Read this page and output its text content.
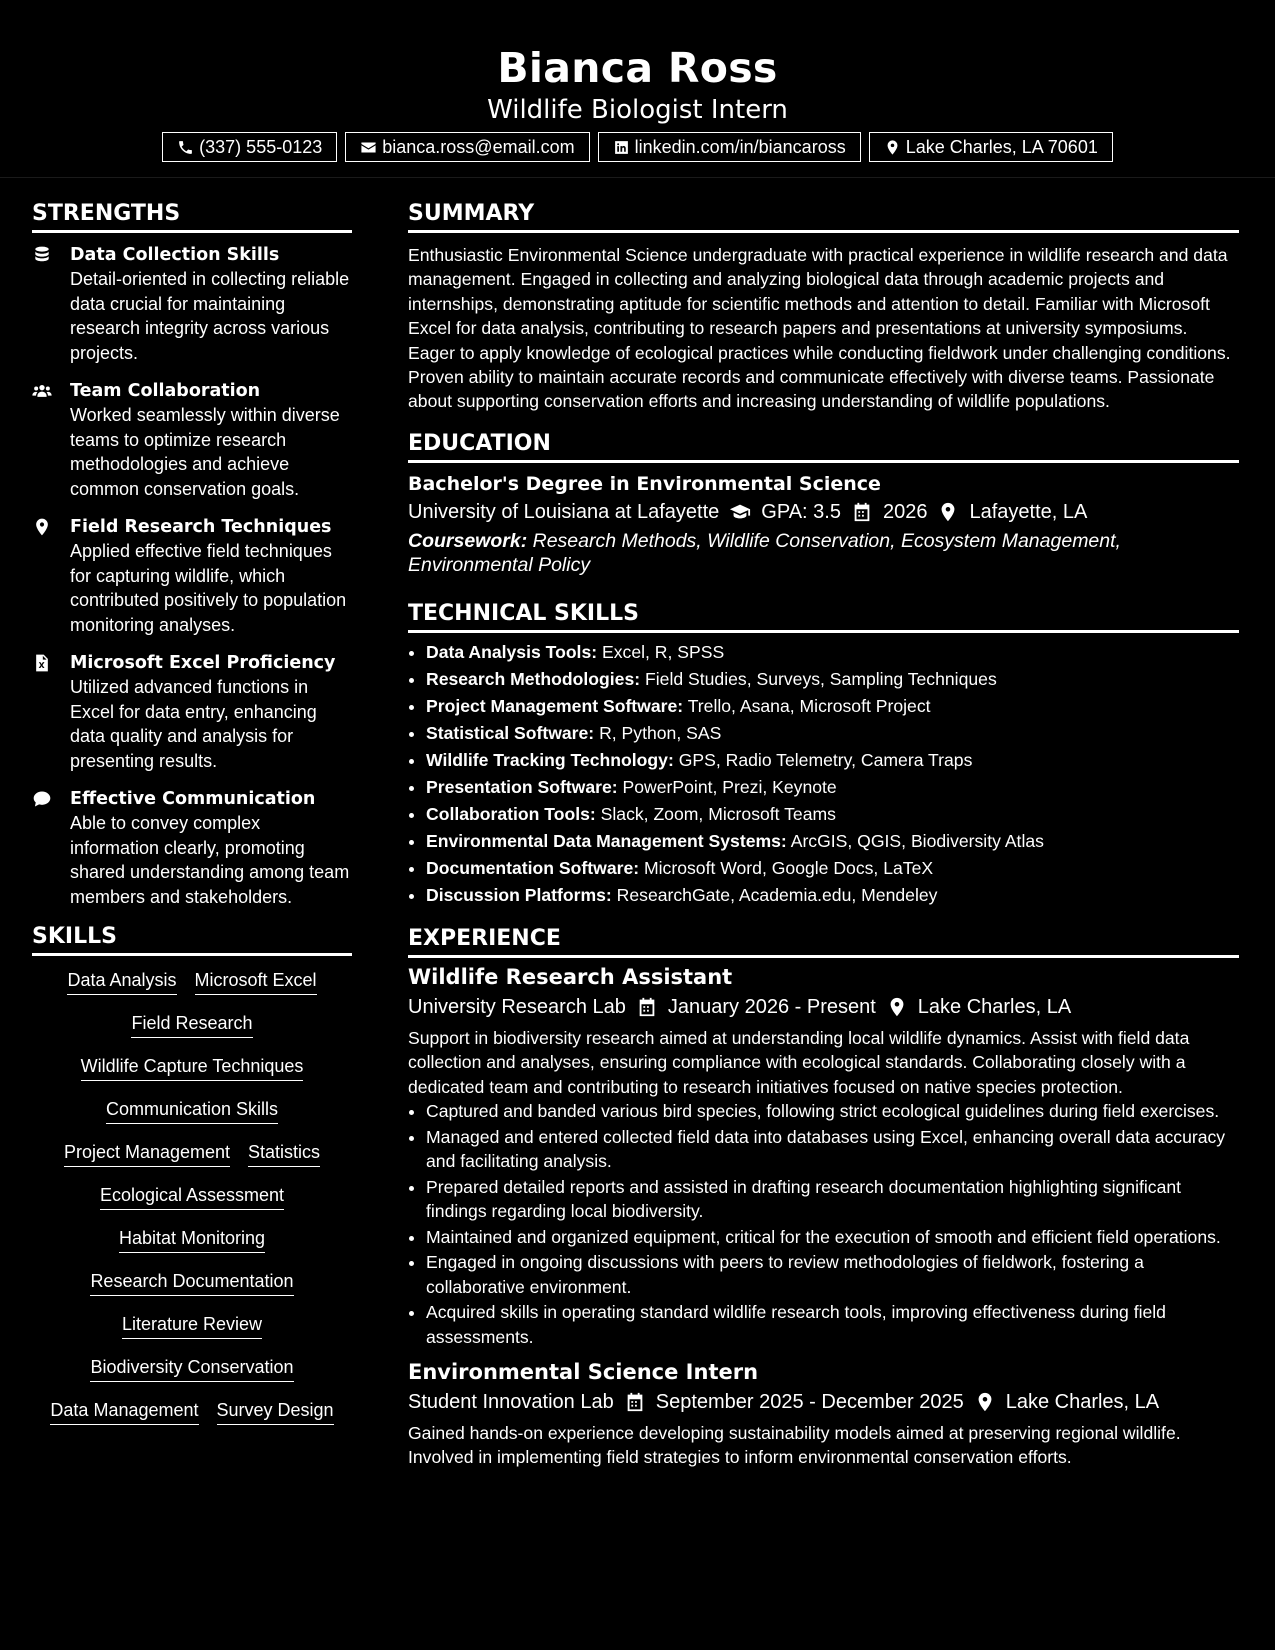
Bianca Ross
Wildlife Biologist Intern
(337) 555-0123	bianca.ross@email.com	linkedin.com/in/biancaross	Lake Charles, LA 70601
STRENGTHS
Data Collection Skills
Detail-oriented in collecting reliable data crucial for maintaining research integrity across various projects.
Team Collaboration
Worked seamlessly within diverse teams to optimize research methodologies and achieve common conservation goals.
Field Research Techniques
Applied effective field techniques for capturing wildlife, which contributed positively to population monitoring analyses.
Microsoft Excel Proficiency
Utilized advanced functions in Excel for data entry, enhancing data quality and analysis for presenting results.
Effective Communication
Able to convey complex information clearly, promoting shared understanding among team members and stakeholders.
SKILLS
Data Analysis Microsoft Excel
Field Research
Wildlife Capture Techniques
Communication Skills
Project Management Statistics
Ecological Assessment
Habitat Monitoring
Research Documentation
Literature Review
Biodiversity Conservation
Data Management Survey Design
SUMMARY
Enthusiastic Environmental Science undergraduate with practical experience in wildlife research and data management. Engaged in collecting and analyzing biological data through academic projects and internships, demonstrating aptitude for scientific methods and attention to detail. Familiar with Microsoft Excel for data analysis, contributing to research papers and presentations at university symposiums. Eager to apply knowledge of ecological practices while conducting fieldwork under challenging conditions. Proven ability to maintain accurate records and communicate effectively with diverse teams. Passionate about supporting conservation efforts and increasing understanding of wildlife populations.
EDUCATION
Bachelor's Degree in Environmental Science
University of Louisiana at Lafayette GPA: 3.5 2026 Lafayette, LA
Coursework: Research Methods, Wildlife Conservation, Ecosystem Management, Environmental Policy
TECHNICAL SKILLS
• Data Analysis Tools: Excel, R, SPSS
• Research Methodologies: Field Studies, Surveys, Sampling Techniques
• Project Management Software: Trello, Asana, Microsoft Project
• Statistical Software: R, Python, SAS
• Wildlife Tracking Technology: GPS, Radio Telemetry, Camera Traps
• Presentation Software: PowerPoint, Prezi, Keynote
• Collaboration Tools: Slack, Zoom, Microsoft Teams
• Environmental Data Management Systems: ArcGIS, QGIS, Biodiversity Atlas
• Documentation Software: Microsoft Word, Google Docs, LaTeX
• Discussion Platforms: ResearchGate, Academia.edu, Mendeley
EXPERIENCE
Wildlife Research Assistant
University Research Lab January 2026 - Present Lake Charles, LA
Support in biodiversity research aimed at understanding local wildlife dynamics. Assist with field data collection and analyses, ensuring compliance with ecological standards. Collaborating closely with a dedicated team and contributing to research initiatives focused on native species protection.
• Captured and banded various bird species, following strict ecological guidelines during field exercises.
• Managed and entered collected field data into databases using Excel, enhancing overall data accuracy and facilitating analysis.
• Prepared detailed reports and assisted in drafting research documentation highlighting significant findings regarding local biodiversity.
• Maintained and organized equipment, critical for the execution of smooth and efficient field operations.
• Engaged in ongoing discussions with peers to review methodologies of fieldwork, fostering a collaborative environment.
• Acquired skills in operating standard wildlife research tools, improving effectiveness during field assessments.
Environmental Science Intern
Student Innovation Lab September 2025 - December 2025 Lake Charles, LA
Gained hands-on experience developing sustainability models aimed at preserving regional wildlife. Involved in implementing field strategies to inform environmental conservation efforts.
